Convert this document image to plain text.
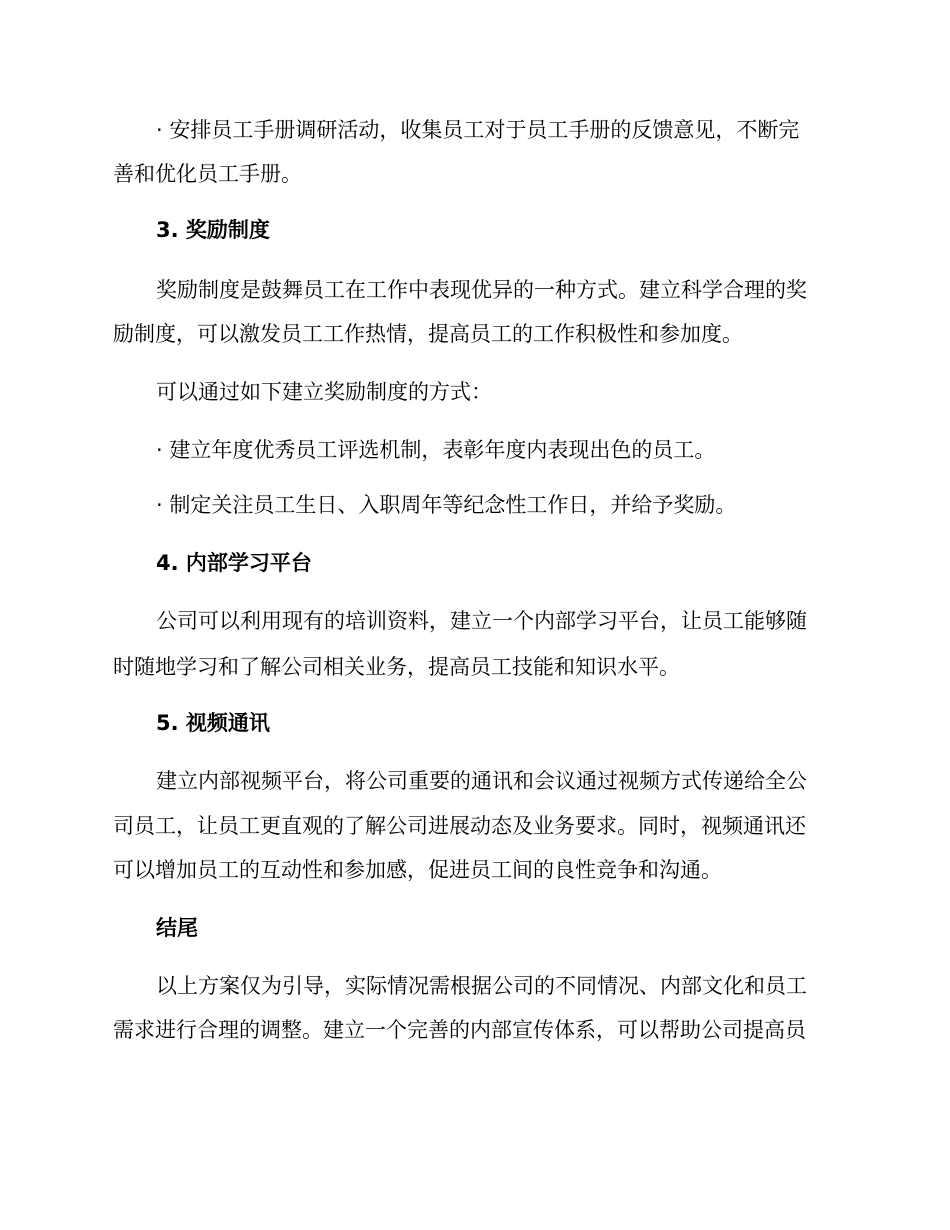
· 安排员工手册调研活动，收集员工对于员工手册的反馈意见，不断完
善和优化员工手册。
3. 奖励制度
奖励制度是鼓舞员工在工作中表现优异的一种方式。建立科学合理的奖
励制度，可以激发员工工作热情，提高员工的工作积极性和参加度。
可以通过如下建立奖励制度的方式：
· 建立年度优秀员工评选机制，表彰年度内表现出色的员工。
· 制定关注员工生日、入职周年等纪念性工作日，并给予奖励。
4. 内部学习平台
公司可以利用现有的培训资料，建立一个内部学习平台，让员工能够随
时随地学习和了解公司相关业务，提高员工技能和知识水平。
5. 视频通讯
建立内部视频平台，将公司重要的通讯和会议通过视频方式传递给全公
司员工，让员工更直观的了解公司进展动态及业务要求。同时，视频通讯还
可以增加员工的互动性和参加感，促进员工间的良性竞争和沟通。
结尾
以上方案仅为引导，实际情况需根据公司的不同情况、内部文化和员工
需求进行合理的调整。建立一个完善的内部宣传体系，可以帮助公司提高员
